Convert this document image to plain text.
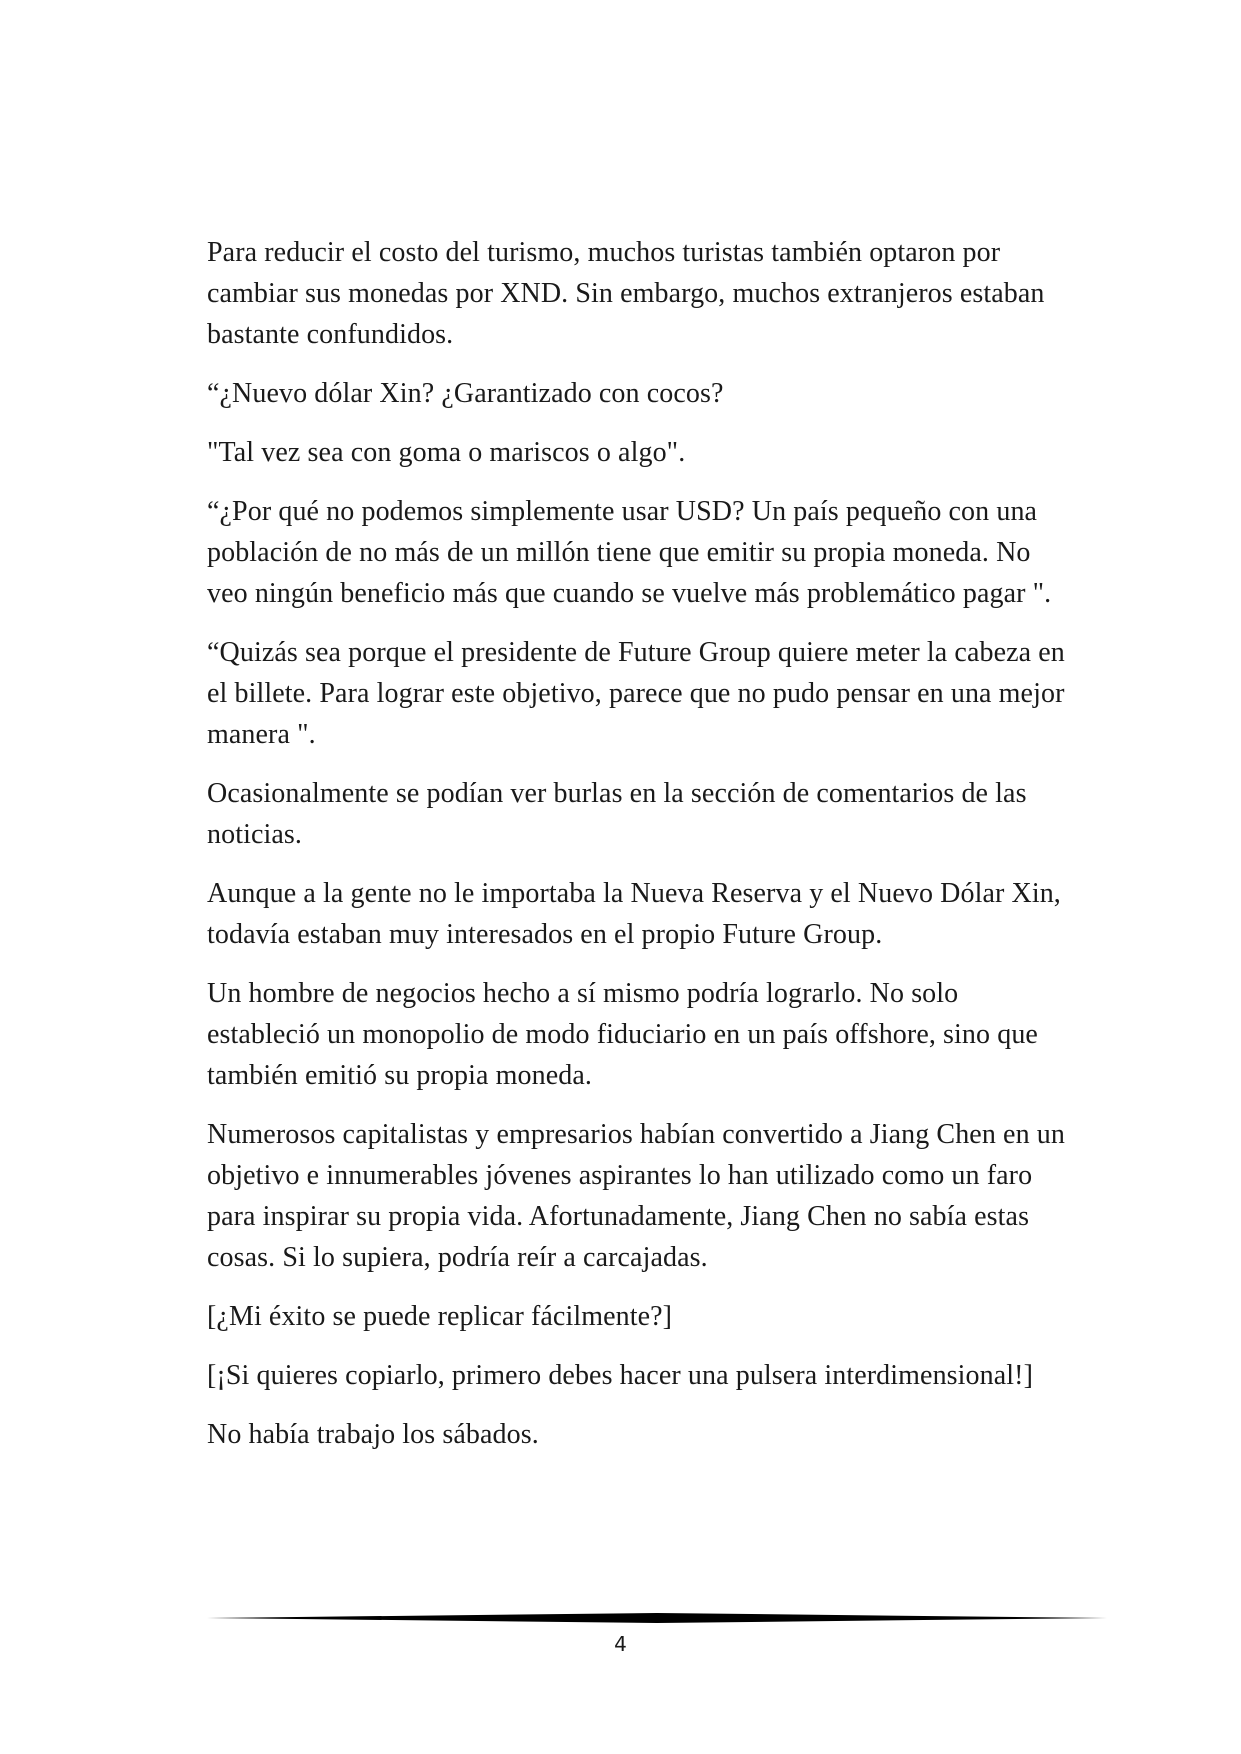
Para reducir el costo del turismo, muchos turistas también optaron por cambiar sus monedas por XND. Sin embargo, muchos extranjeros estaban bastante confundidos.

“¿Nuevo dólar Xin? ¿Garantizado con cocos?

"Tal vez sea con goma o mariscos o algo".

“¿Por qué no podemos simplemente usar USD? Un país pequeño con una población de no más de un millón tiene que emitir su propia moneda. No veo ningún beneficio más que cuando se vuelve más problemático pagar ".

“Quizás sea porque el presidente de Future Group quiere meter la cabeza en el billete. Para lograr este objetivo, parece que no pudo pensar en una mejor manera ".

Ocasionalmente se podían ver burlas en la sección de comentarios de las noticias.

Aunque a la gente no le importaba la Nueva Reserva y el Nuevo Dólar Xin, todavía estaban muy interesados en el propio Future Group.

Un hombre de negocios hecho a sí mismo podría lograrlo. No solo estableció un monopolio de modo fiduciario en un país offshore, sino que también emitió su propia moneda.

Numerosos capitalistas y empresarios habían convertido a Jiang Chen en un objetivo e innumerables jóvenes aspirantes lo han utilizado como un faro para inspirar su propia vida. Afortunadamente, Jiang Chen no sabía estas cosas. Si lo supiera, podría reír a carcajadas.

[¿Mi éxito se puede replicar fácilmente?]

[¡Si quieres copiarlo, primero debes hacer una pulsera interdimensional!]

No había trabajo los sábados.

4
